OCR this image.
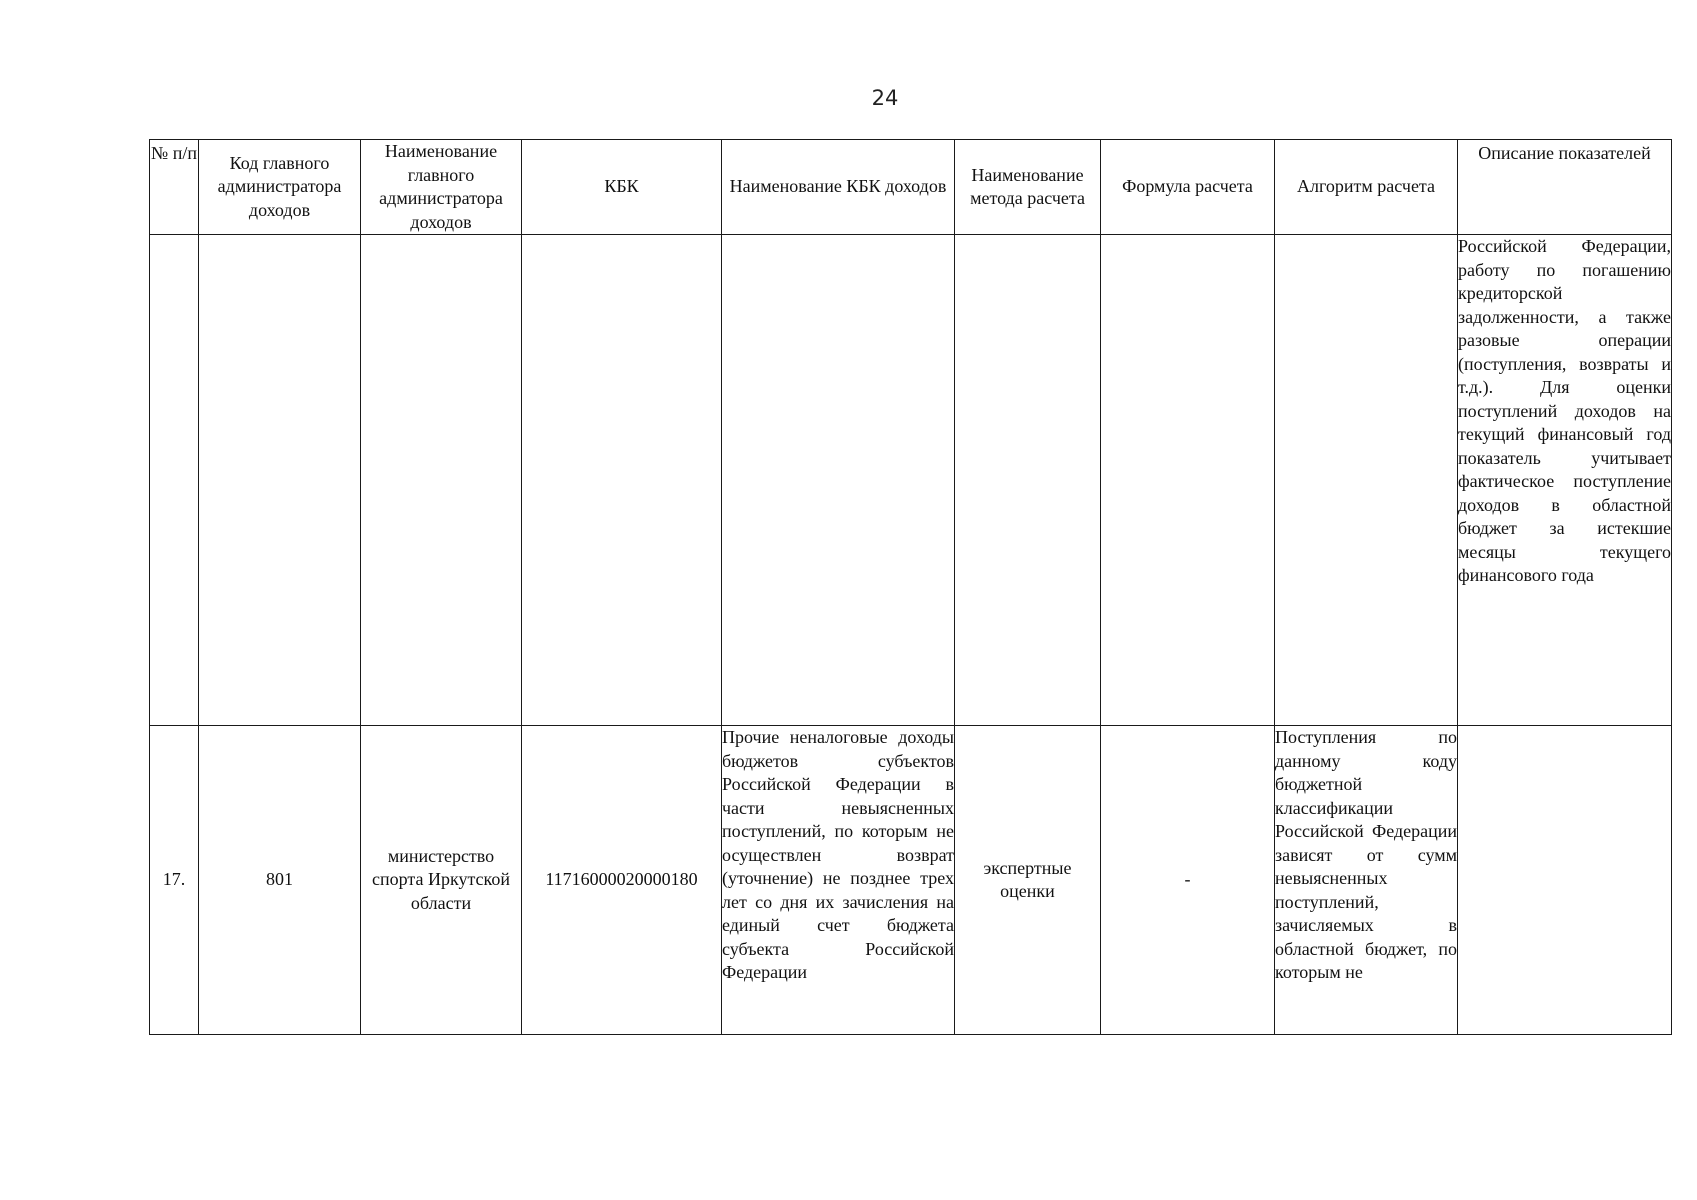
24
№ п/п	Код главного администратора доходов	Наименование главного администратора доходов	КБК	Наименование КБК доходов	Наименование метода расчета	Формула расчета	Алгоритм расчета	Описание показателей
								Российской Федерации, работу по погашению кредиторской задолженности, а также разовые операции (поступления, возвраты и т.д.). Для оценки поступлений доходов на текущий финансовый год показатель учитывает фактическое поступление доходов в областной бюджет за истекшие месяцы текущего финансового года
17.	801	министерство спорта Иркутской области	11716000020000180	Прочие неналоговые доходы бюджетов субъектов Российской Федерации в части невыясненных поступлений, по которым не осуществлен возврат (уточнение) не позднее трех лет со дня их зачисления на единый счет бюджета субъекта Российской Федерации	экспертные оценки	-	Поступления по данному коду бюджетной классификации Российской Федерации зависят от сумм невыясненных поступлений, зачисляемых в областной бюджет, по которым не	
